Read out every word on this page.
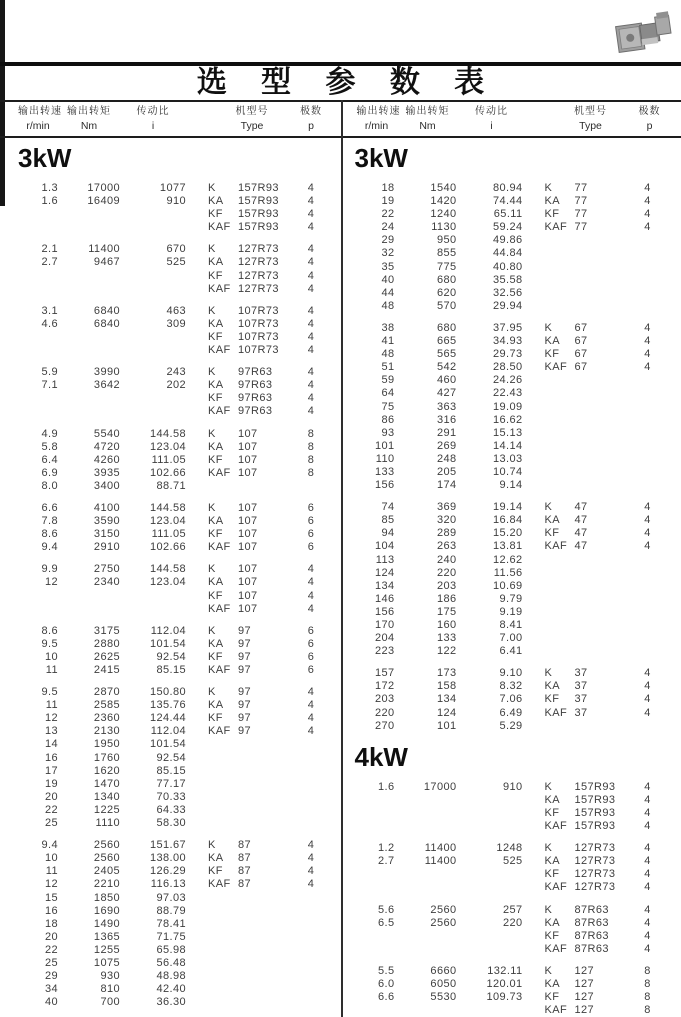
选 型 参 数 表
输出转速
r/min
输出转矩
Nm
传动比
i
机型号
Type
极数
p
输出转速
r/min
输出转矩
Nm
传动比
i
机型号
Type
极数
p
3kW
1.3	17000	1077 K	157R93	4
1.6	16409	910 KA	157R93	4
KF	157R93	4
KAF 157R93	4
2.1	11400	670 K	127R73	4
2.7	9467	525 KA	127R73	4
KF	127R73	4
KAF 127R73	4
3.1	6840	463 K	107R73	4
4.6	6840	309 KA	107R73	4
KF	107R73	4
KAF 107R73	4
5.9	3990	243 K	97R63	4
7.1	3642	202 KA	97R63	4
KF	97R63	4
KAF 97R63	4
4.9	5540	144.58 K	107	8
5.8	4720	123.04 KA	107	8
6.4	4260	111.05 KF	107	8
6.9	3935	102.66 KAF 107	8
8.0	3400	88.71
6.6	4100	144.58 K	107	6
7.8	3590	123.04 KA	107	6
8.6	3150	111.05 KF	107	6
9.4	2910	102.66 KAF 107	6
9.9	2750	144.58 K	107	4
12	2340	123.04 KA	107	4
KF	107	4
KAF 107	4
8.6	3175	112.04 K	97	6
9.5	2880	101.54 KA	97	6
10	2625	92.54 KF	97	6
11	2415	85.15 KAF 97	6
9.5	2870	150.80 K	97	4
11	2585	135.76 KA	97	4
12	2360	124.44 KF	97	4
13	2130	112.04 KAF 97	4
14	1950	101.54
16	1760	92.54
17	1620	85.15
19	1470	77.17
20	1340	70.33
22	1225	64.33
25	1110	58.30
9.4	2560	151.67 K	87	4
10	2560	138.00 KA	87	4
11	2405	126.29 KF	87	4
12	2210	116.13 KAF 87	4
15	1850	97.03
16	1690	88.79
18	1490	78.41
20	1365	71.75
22	1255	65.98
25	1075	56.48
29	930	48.98
34	810	42.40
40	700	36.30
3kW
18	1540	80.94 K	77	4
19	1420	74.44 KA	77	4
22	1240	65.11 KF	77	4
24	1130	59.24 KAF 77	4
29	950	49.86
32	855	44.84
35	775	40.80
40	680	35.58
44	620	32.56
48	570	29.94
38	680	37.95 K	67	4
41	665	34.93 KA	67	4
48	565	29.73 KF	67	4
51	542	28.50 KAF 67	4
59	460	24.26
64	427	22.43
75	363	19.09
86	316	16.62
93	291	15.13
101	269	14.14
110	248	13.03
133	205	10.74
156	174	9.14
74	369	19.14 K	47	4
85	320	16.84 KA	47	4
94	289	15.20 KF	47	4
104	263	13.81 KAF 47	4
113	240	12.62
124	220	11.56
134	203	10.69
146	186	9.79
156	175	9.19
170	160	8.41
204	133	7.00
223	122	6.41
157	173	9.10 K	37	4
172	158	8.32 KA	37	4
203	134	7.06 KF	37	4
220	124	6.49 KAF 37	4
270	101	5.29
4kW
1.6	17000	910 K	157R93	4
KA	157R93	4
KF	157R93	4
KAF 157R93	4
1.2	11400	1248 K	127R73	4
2.7	11400	525 KA	127R73	4
KF	127R73	4
KAF 127R73	4
5.6	2560	257 K	87R63	4
6.5	2560	220 KA	87R63	4
KF	87R63	4
KAF 87R63	4
5.5	6660	132.11 K	127	8
6.0	6050	120.01 KA	127	8
6.6	5530	109.73 KF	127	8
KAF 127	8
